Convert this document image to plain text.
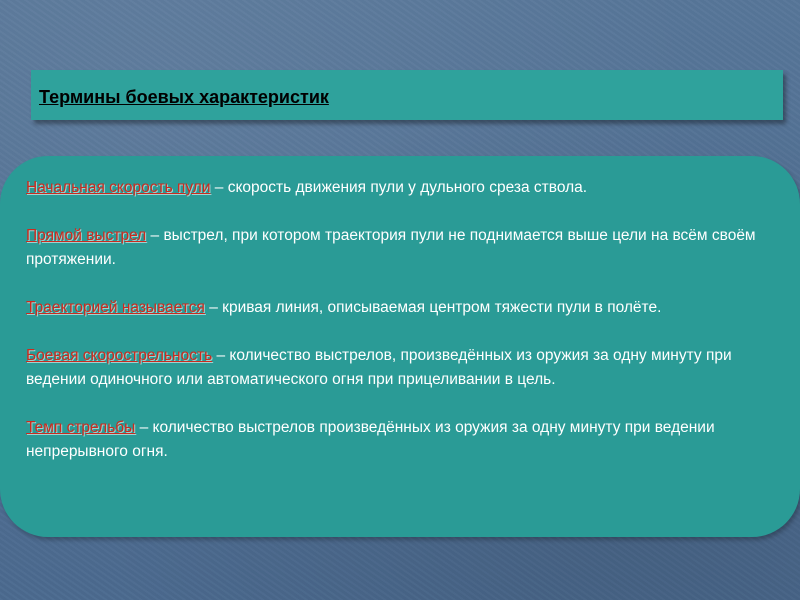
Термины боевых характеристик

Начальная скорость пули – скорость движения пули у дульного среза ствола.

Прямой выстрел – выстрел, при котором траектория пули не поднимается выше цели на всём своём протяжении.

Траекторией называется – кривая линия, описываемая центром тяжести пули в полёте.

Боевая скорострельность – количество выстрелов, произведённых из оружия за одну минуту при ведении одиночного или автоматического огня при прицеливании в цель.

Темп стрельбы – количество выстрелов произведённых из оружия за одну минуту при ведении непрерывного огня.
